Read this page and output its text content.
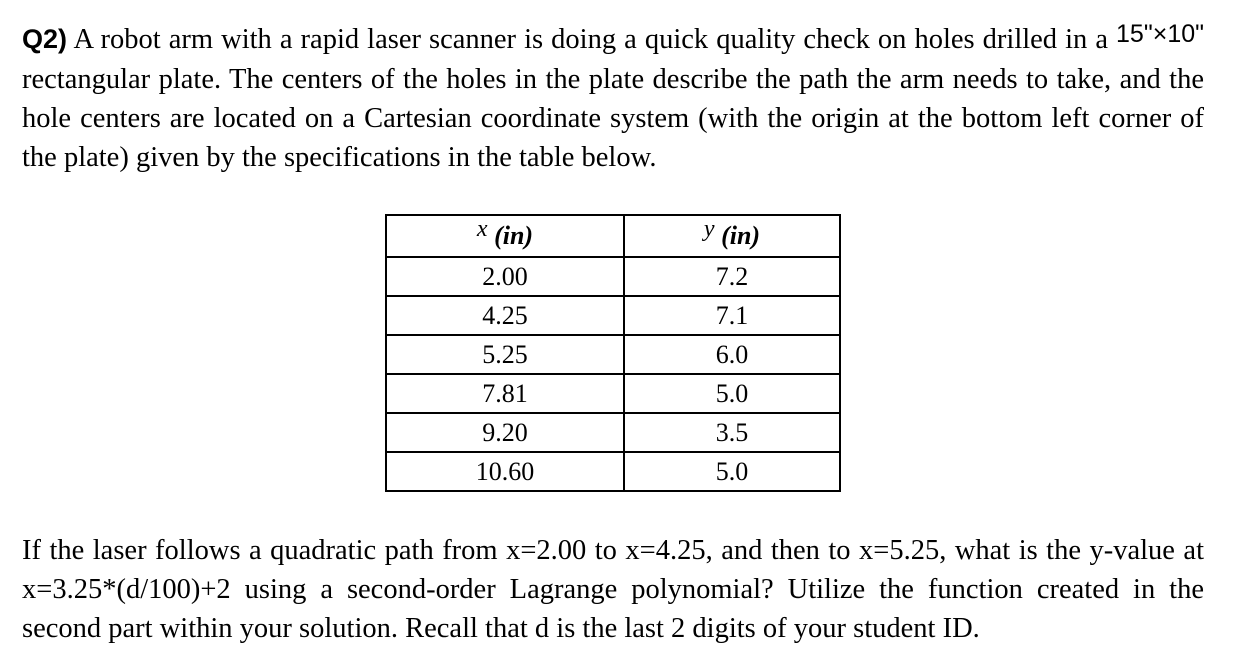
Q2) A robot arm with a rapid laser scanner is doing a quick quality check on holes drilled in a 15"×10" rectangular plate. The centers of the holes in the plate describe the path the arm needs to take, and the hole centers are located on a Cartesian coordinate system (with the origin at the bottom left corner of the plate) given by the specifications in the table below.

x (in)	y (in)
2.00	7.2
4.25	7.1
5.25	6.0
7.81	5.0
9.20	3.5
10.60	5.0

If the laser follows a quadratic path from x=2.00 to x=4.25, and then to x=5.25, what is the y-value at x=3.25*(d/100)+2 using a second-order Lagrange polynomial? Utilize the function created in the second part within your solution. Recall that d is the last 2 digits of your student ID.
